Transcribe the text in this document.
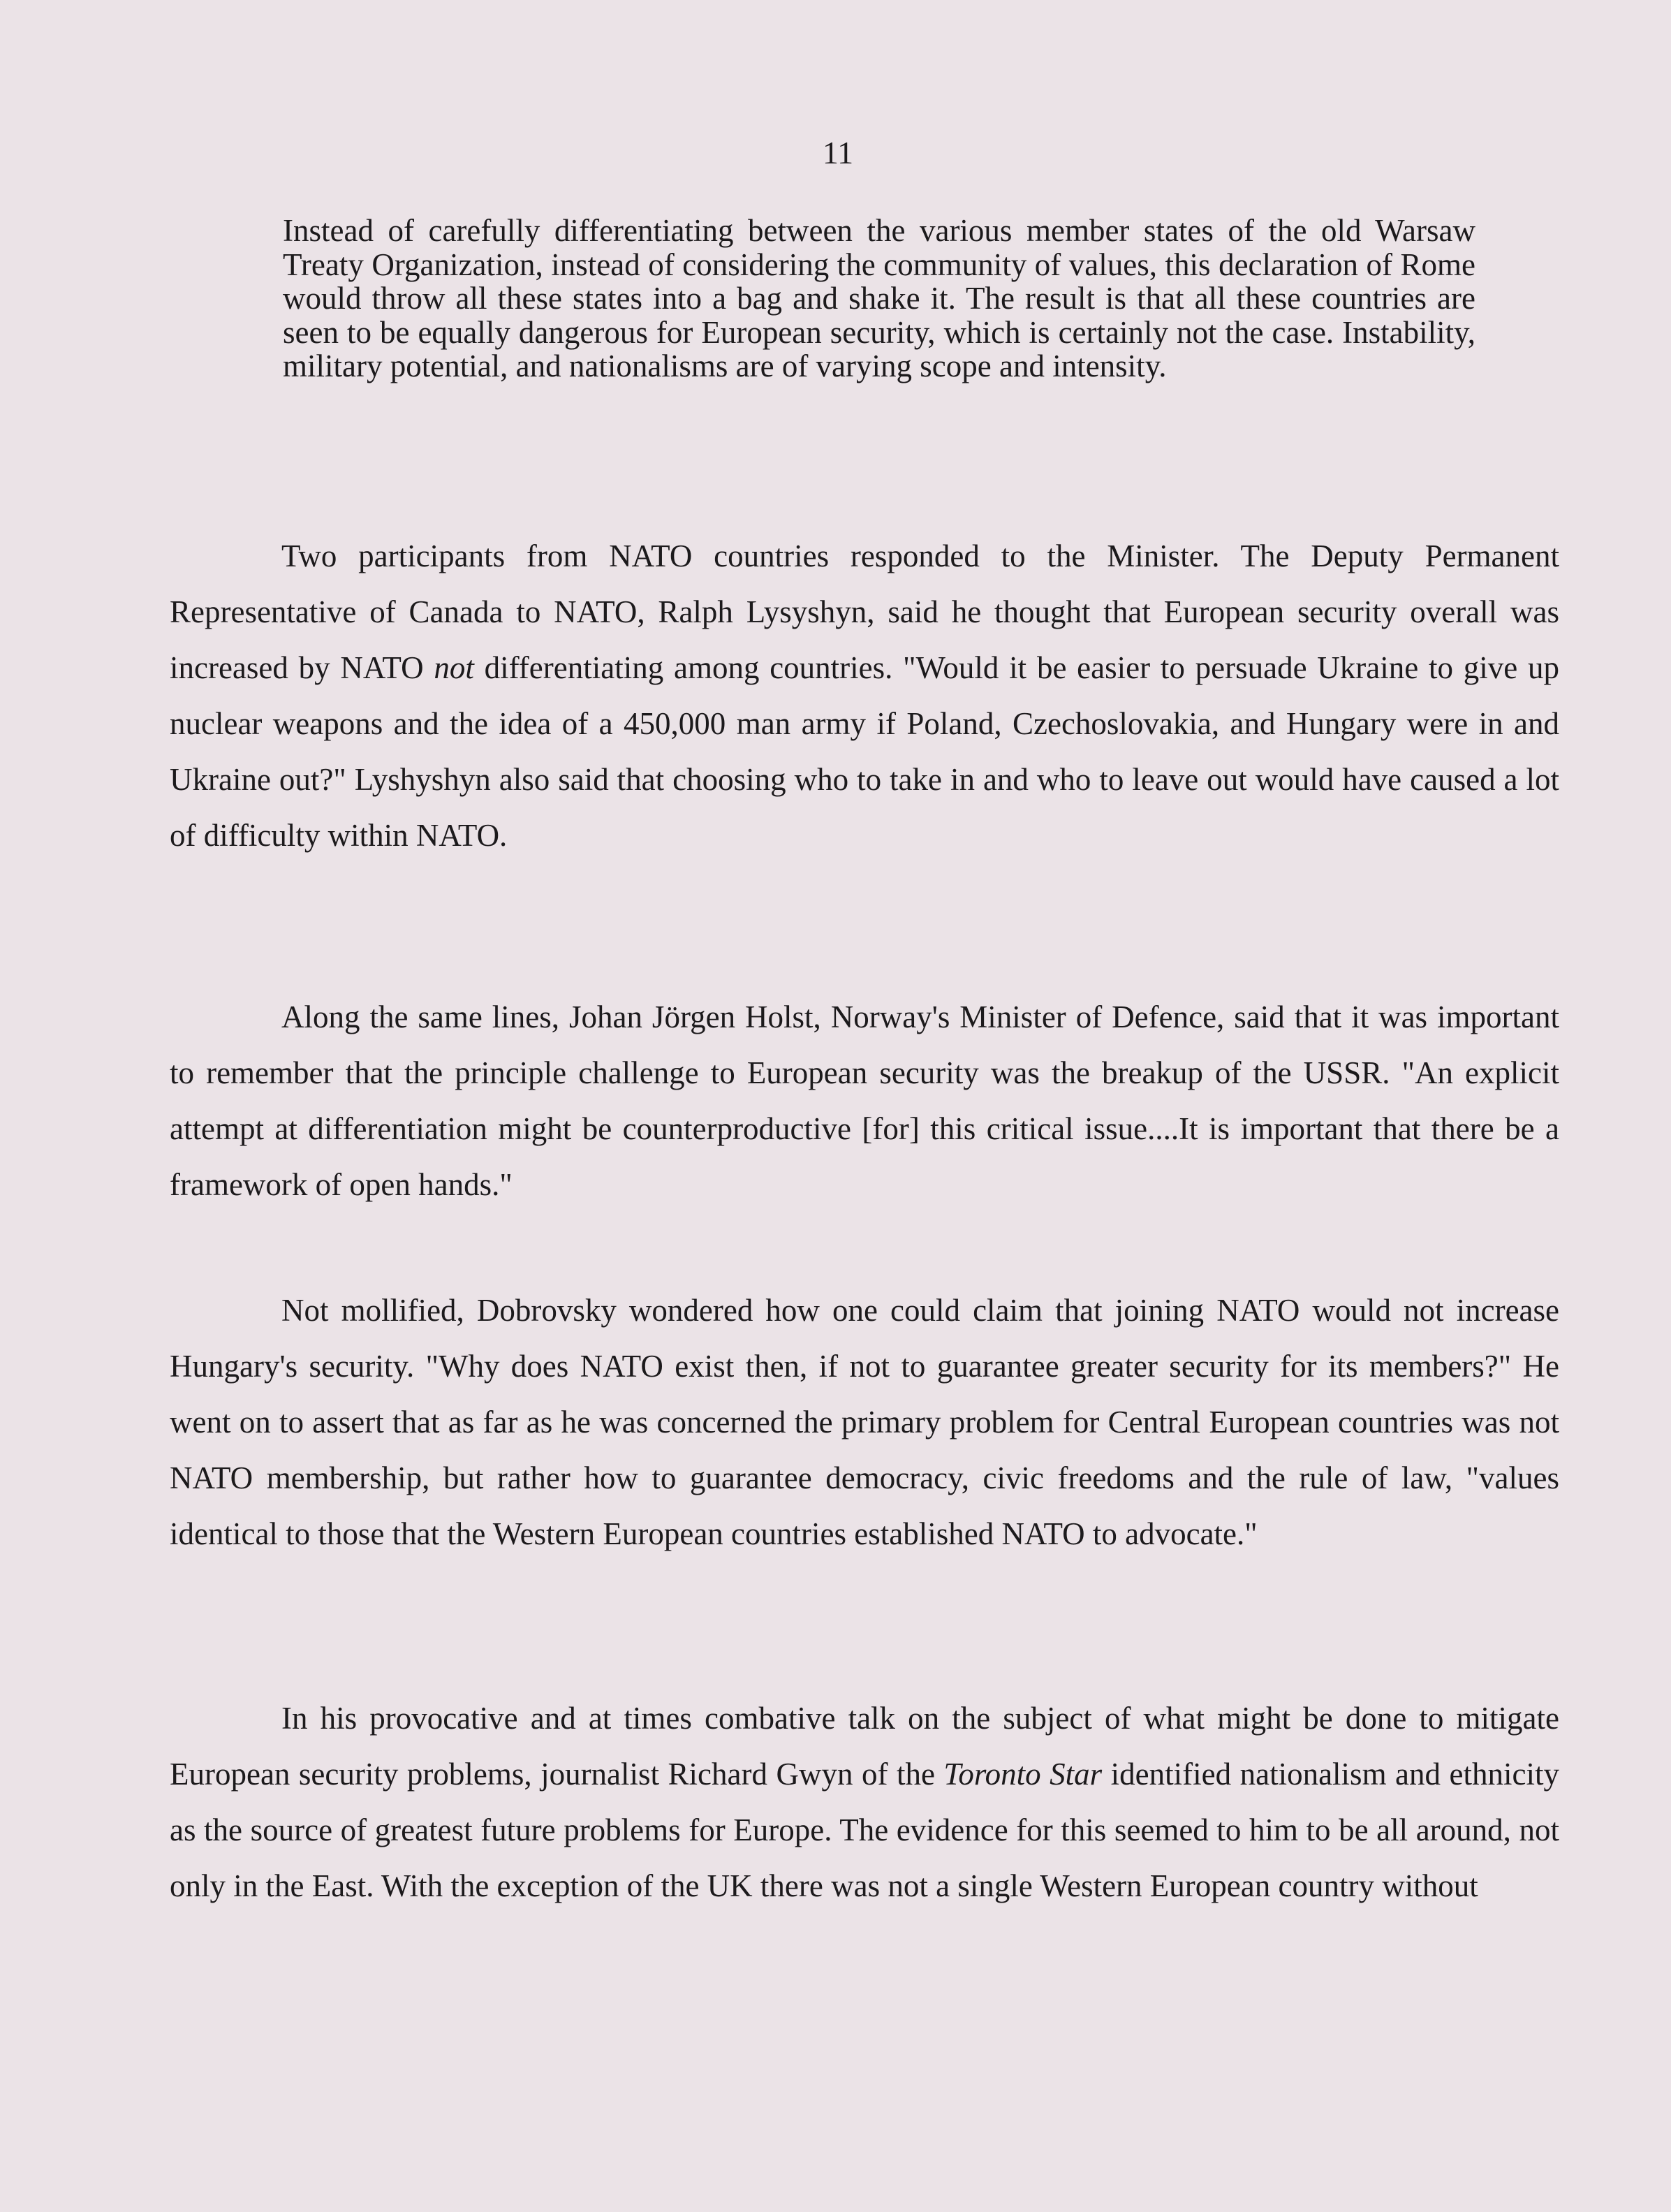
11

Instead of carefully differentiating between the various member states of the old Warsaw Treaty Organization, instead of considering the community of values, this declaration of Rome would throw all these states into a bag and shake it. The result is that all these countries are seen to be equally dangerous for European security, which is certainly not the case. Instability, military potential, and nationalisms are of varying scope and intensity.

Two participants from NATO countries responded to the Minister. The Deputy Permanent Representative of Canada to NATO, Ralph Lysyshyn, said he thought that European security overall was increased by NATO not differentiating among countries. "Would it be easier to persuade Ukraine to give up nuclear weapons and the idea of a 450,000 man army if Poland, Czechoslovakia, and Hungary were in and Ukraine out?" Lyshyshyn also said that choosing who to take in and who to leave out would have caused a lot of difficulty within NATO.

Along the same lines, Johan Jörgen Holst, Norway's Minister of Defence, said that it was important to remember that the principle challenge to European security was the breakup of the USSR. "An explicit attempt at differentiation might be counterproductive [for] this critical issue....It is important that there be a framework of open hands."

Not mollified, Dobrovsky wondered how one could claim that joining NATO would not increase Hungary's security. "Why does NATO exist then, if not to guarantee greater security for its members?" He went on to assert that as far as he was concerned the primary problem for Central European countries was not NATO membership, but rather how to guarantee democracy, civic freedoms and the rule of law, "values identical to those that the Western European countries established NATO to advocate."

In his provocative and at times combative talk on the subject of what might be done to mitigate European security problems, journalist Richard Gwyn of the Toronto Star identified nationalism and ethnicity as the source of greatest future problems for Europe. The evidence for this seemed to him to be all around, not only in the East. With the exception of the UK there was not a single Western European country without
